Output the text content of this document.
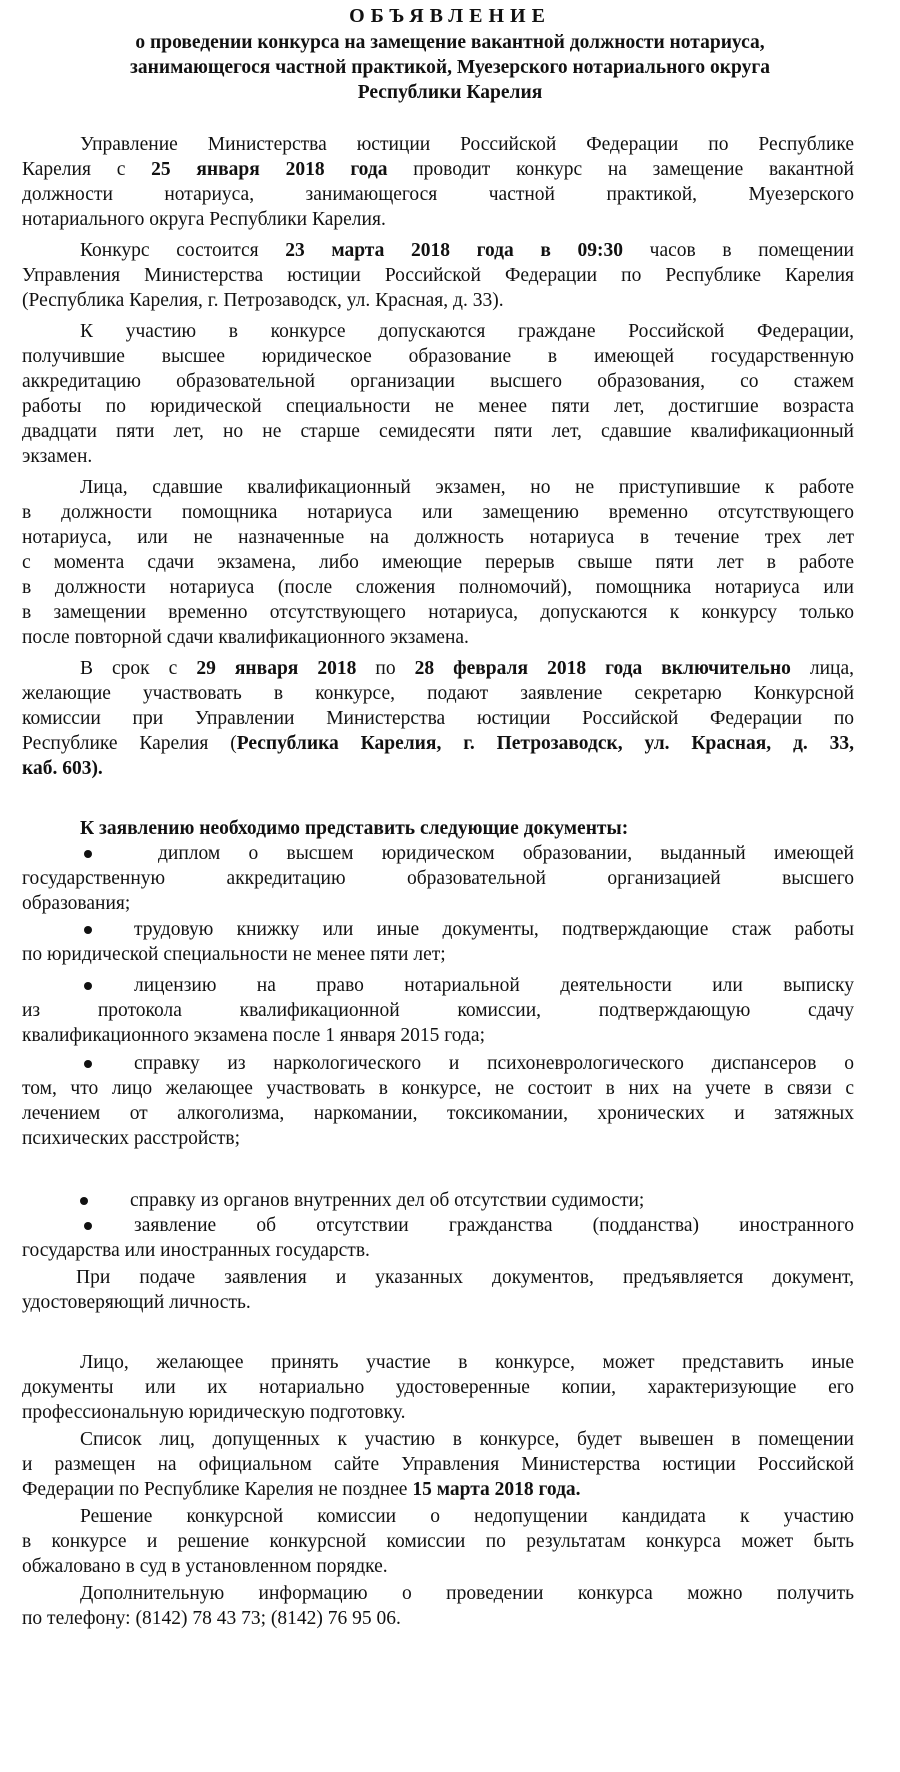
ОБЪЯВЛЕНИЕ
о проведении конкурса на замещение вакантной должности нотариуса,
занимающегося частной практикой, Муезерского нотариального округа
Республики Карелия
Управление Министерства юстиции Российской Федерации по Республике
Карелия с 25 января 2018 года проводит конкурс на замещение вакантной
должности нотариуса, занимающегося частной практикой, Муезерского
нотариального округа Республики Карелия.
Конкурс состоится 23 марта 2018 года в 09:30 часов в помещении
Управления Министерства юстиции Российской Федерации по Республике Карелия
(Республика Карелия, г. Петрозаводск, ул. Красная, д. 33).
К участию в конкурсе допускаются граждане Российской Федерации,
получившие высшее юридическое образование в имеющей государственную
аккредитацию образовательной организации высшего образования, со стажем
работы по юридической специальности не менее пяти лет, достигшие возраста
двадцати пяти лет, но не старше семидесяти пяти лет, сдавшие квалификационный
экзамен.
Лица, сдавшие квалификационный экзамен, но не приступившие к работе
в должности помощника нотариуса или замещению временно отсутствующего
нотариуса, или не назначенные на должность нотариуса в течение трех лет
с момента сдачи экзамена, либо имеющие перерыв свыше пяти лет в работе
в должности нотариуса (после сложения полномочий), помощника нотариуса или
в замещении временно отсутствующего нотариуса, допускаются к конкурсу только
после повторной сдачи квалификационного экзамена.
В срок с 29 января 2018 по 28 февраля 2018 года включительно лица,
желающие участвовать в конкурсе, подают заявление секретарю Конкурсной
комиссии при Управлении Министерства юстиции Российской Федерации по
Республике Карелия (Республика Карелия, г. Петрозаводск, ул. Красная, д. 33,
каб. 603).
К заявлению необходимо представить следующие документы:
диплом о высшем юридическом образовании, выданный имеющей
государственную аккредитацию образовательной организацией высшего
образования;
трудовую книжку или иные документы, подтверждающие стаж работы
по юридической специальности не менее пяти лет;
лицензию на право нотариальной деятельности или выписку
из протокола квалификационной комиссии, подтверждающую сдачу
квалификационного экзамена после 1 января 2015 года;
справку из наркологического и психоневрологического диспансеров о
том, что лицо желающее участвовать в конкурсе, не состоит в них на учете в связи с
лечением от алкоголизма, наркомании, токсикомании, хронических и затяжных
психических расстройств;
справку из органов внутренних дел об отсутствии судимости;
заявление об отсутствии гражданства (подданства) иностранного
государства или иностранных государств.
При подаче заявления и указанных документов, предъявляется документ,
удостоверяющий личность.
Лицо, желающее принять участие в конкурсе, может представить иные
документы или их нотариально удостоверенные копии, характеризующие его
профессиональную юридическую подготовку.
Список лиц, допущенных к участию в конкурсе, будет вывешен в помещении
и размещен на официальном сайте Управления Министерства юстиции Российской
Федерации по Республике Карелия не позднее 15 марта 2018 года.
Решение конкурсной комиссии о недопущении кандидата к участию
в конкурсе и решение конкурсной комиссии по результатам конкурса может быть
обжаловано в суд в установленном порядке.
Дополнительную информацию о проведении конкурса можно получить
по телефону: (8142) 78 43 73; (8142) 76 95 06.
